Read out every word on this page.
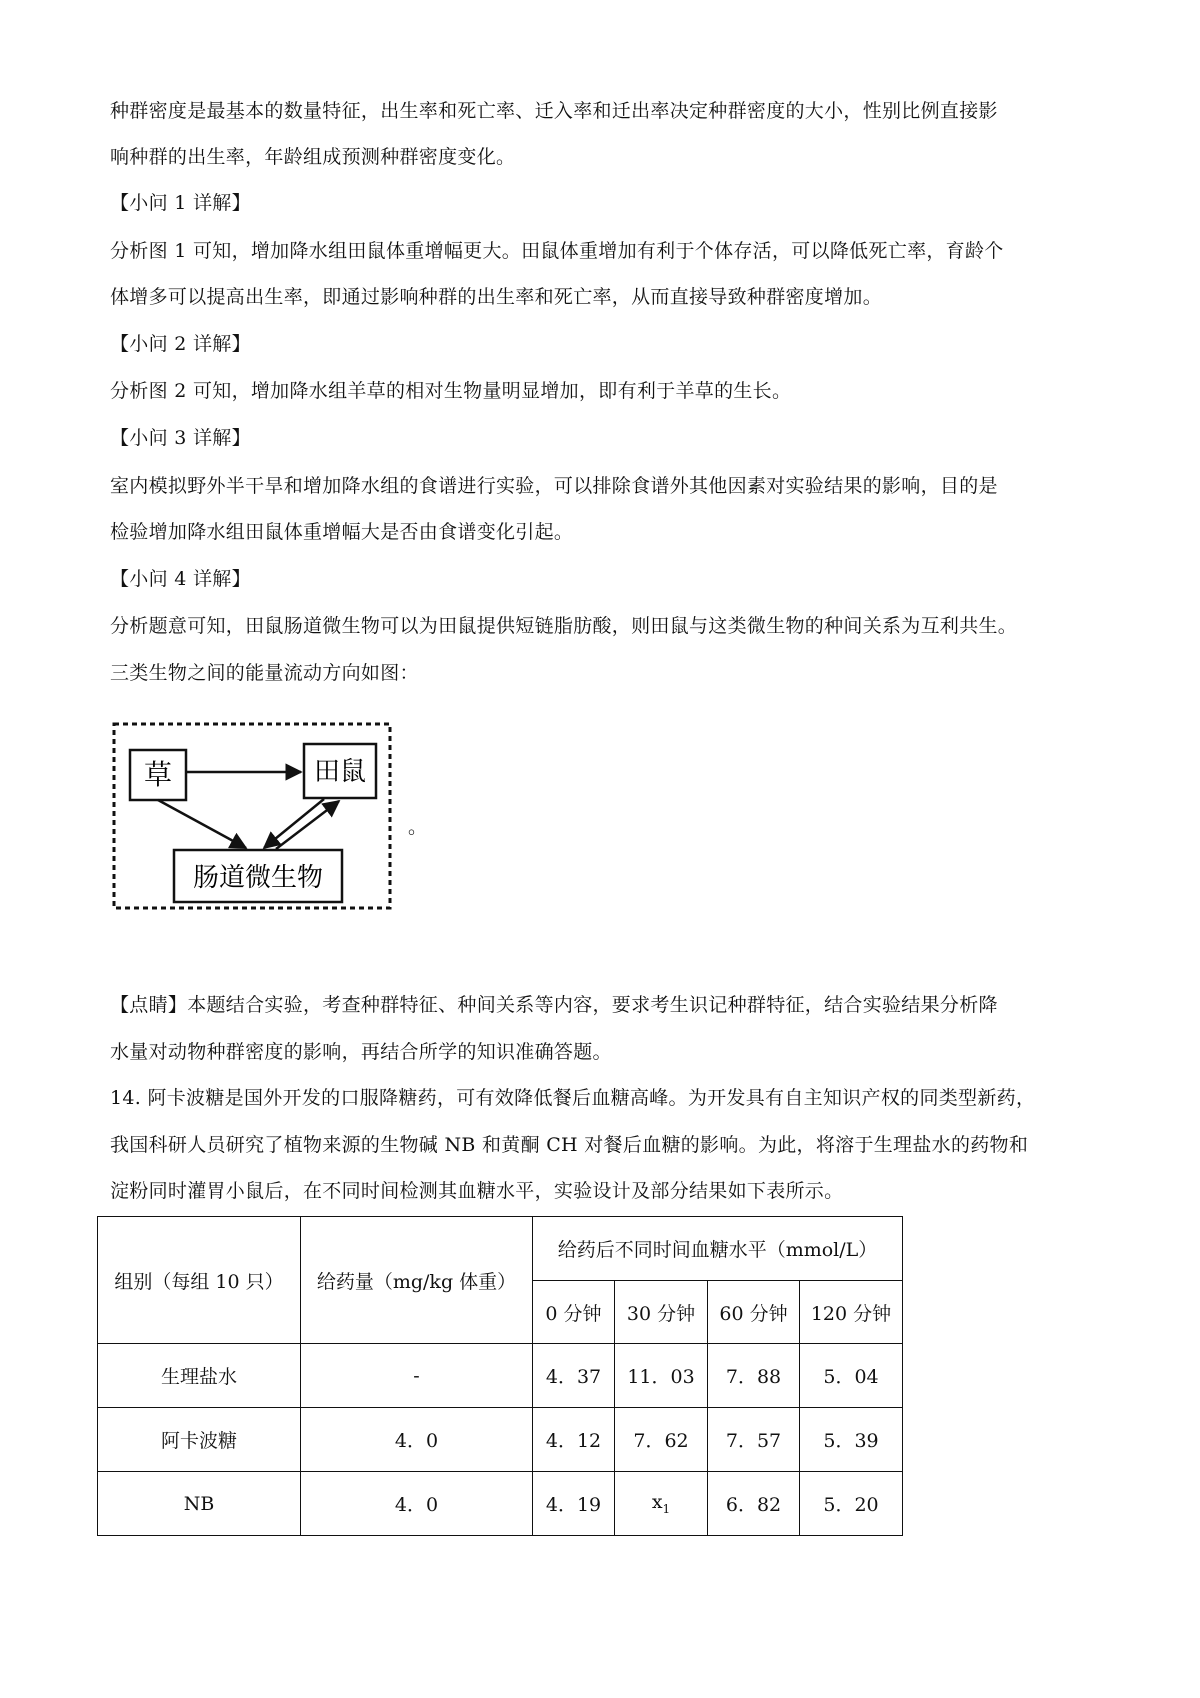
种群密度是最基本的数量特征，出生率和死亡率、迁入率和迁出率决定种群密度的大小，性别比例直接影
响种群的出生率，年龄组成预测种群密度变化。
【小问 1 详解】
分析图 1 可知，增加降水组田鼠体重增幅更大。田鼠体重增加有利于个体存活，可以降低死亡率，育龄个
体增多可以提高出生率，即通过影响种群的出生率和死亡率，从而直接导致种群密度增加。
【小问 2 详解】
分析图 2 可知，增加降水组羊草的相对生物量明显增加，即有利于羊草的生长。
【小问 3 详解】
室内模拟野外半干旱和增加降水组的食谱进行实验，可以排除食谱外其他因素对实验结果的影响，目的是
检验增加降水组田鼠体重增幅大是否由食谱变化引起。
【小问 4 详解】
分析题意可知，田鼠肠道微生物可以为田鼠提供短链脂肪酸，则田鼠与这类微生物的种间关系为互利共生。
三类生物之间的能量流动方向如图：
草	田鼠
肠道微生物
。
【点睛】本题结合实验，考查种群特征、种间关系等内容，要求考生识记种群特征，结合实验结果分析降
水量对动物种群密度的影响，再结合所学的知识准确答题。
14. 阿卡波糖是国外开发的口服降糖药，可有效降低餐后血糖高峰。为开发具有自主知识产权的同类型新药，
我国科研人员研究了植物来源的生物碱 NB 和黄酮 CH 对餐后血糖的影响。为此，将溶于生理盐水的药物和
淀粉同时灌胃小鼠后，在不同时间检测其血糖水平，实验设计及部分结果如下表所示。
组别（每组 10 只）	给药量（mg/kg 体重）	给药后不同时间血糖水平（mmol/L）			
		0 分钟	30 分钟	60 分钟	120 分钟
生理盐水	-	4．37	11．03	7．88	5．04
阿卡波糖	4．0	4．12	7．62	7．57	5．39
NB	4．0	4．19	$x_1$	6．82	5．20
